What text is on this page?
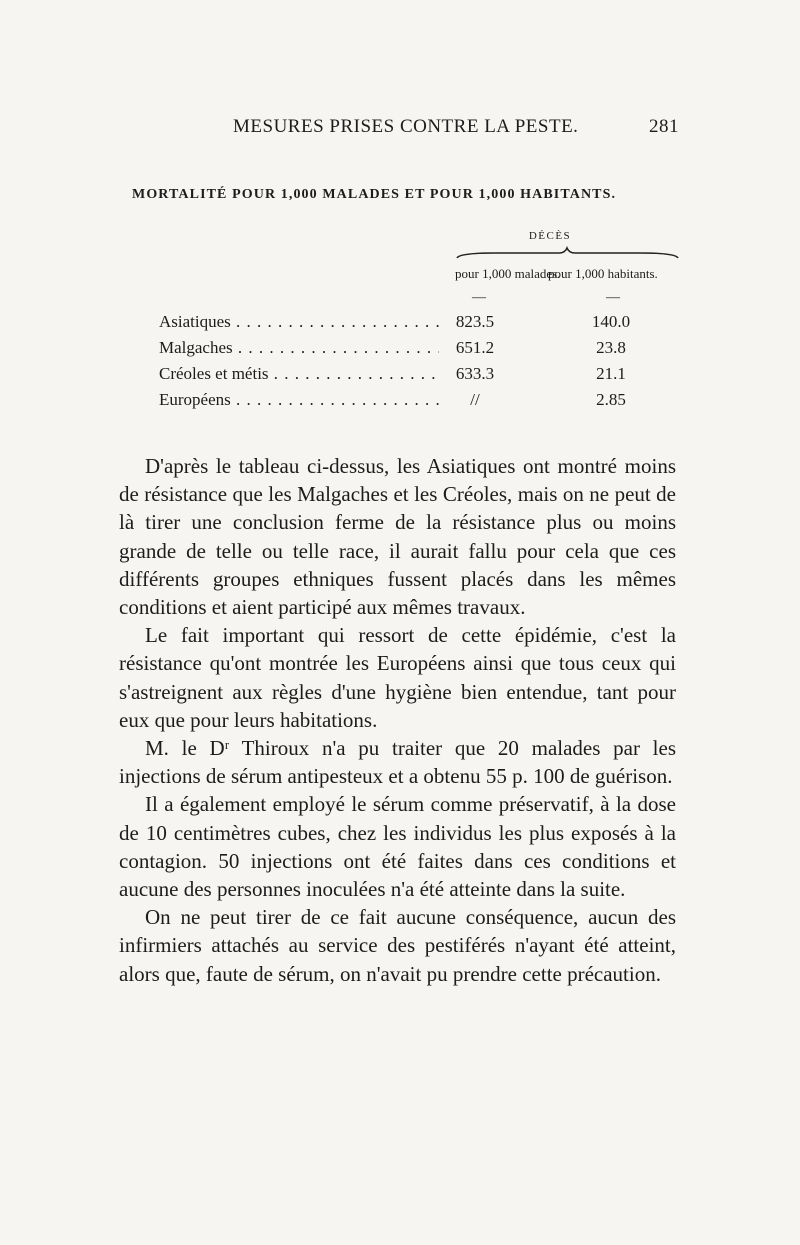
MESURES PRISES CONTRE LA PESTE.	281
MORTALITÉ POUR 1,000 MALADES ET POUR 1,000 HABITANTS.
DÉCÈS
pour 1,000 malades.
pour 1,000 habitants.
—	—
Asiatiques . . .	823.5	140.0
Malgaches . . .	651.2	23.8
Créoles et métis . . .	633.3	21.1
Européens . . .	//	2.85

D'après le tableau ci-dessus, les Asiatiques ont montré moins de résistance que les Malgaches et les Créoles, mais on ne peut de là tirer une conclusion ferme de la résistance plus ou moins grande de telle ou telle race, il aurait fallu pour cela que ces différents groupes ethniques fussent placés dans les mêmes conditions et aient participé aux mêmes travaux.

Le fait important qui ressort de cette épidémie, c'est la résistance qu'ont montrée les Européens ainsi que tous ceux qui s'astreignent aux règles d'une hygiène bien entendue, tant pour eux que pour leurs habitations.

M. le Dʳ Thiroux n'a pu traiter que 20 malades par les injections de sérum antipesteux et a obtenu 55 p. 100 de guérison.

Il a également employé le sérum comme préservatif, à la dose de 10 centimètres cubes, chez les individus les plus exposés à la contagion. 50 injections ont été faites dans ces conditions et aucune des personnes inoculées n'a été atteinte dans la suite.

On ne peut tirer de ce fait aucune conséquence, aucun des infirmiers attachés au service des pestiférés n'ayant été atteint, alors que, faute de sérum, on n'avait pu prendre cette précaution.
